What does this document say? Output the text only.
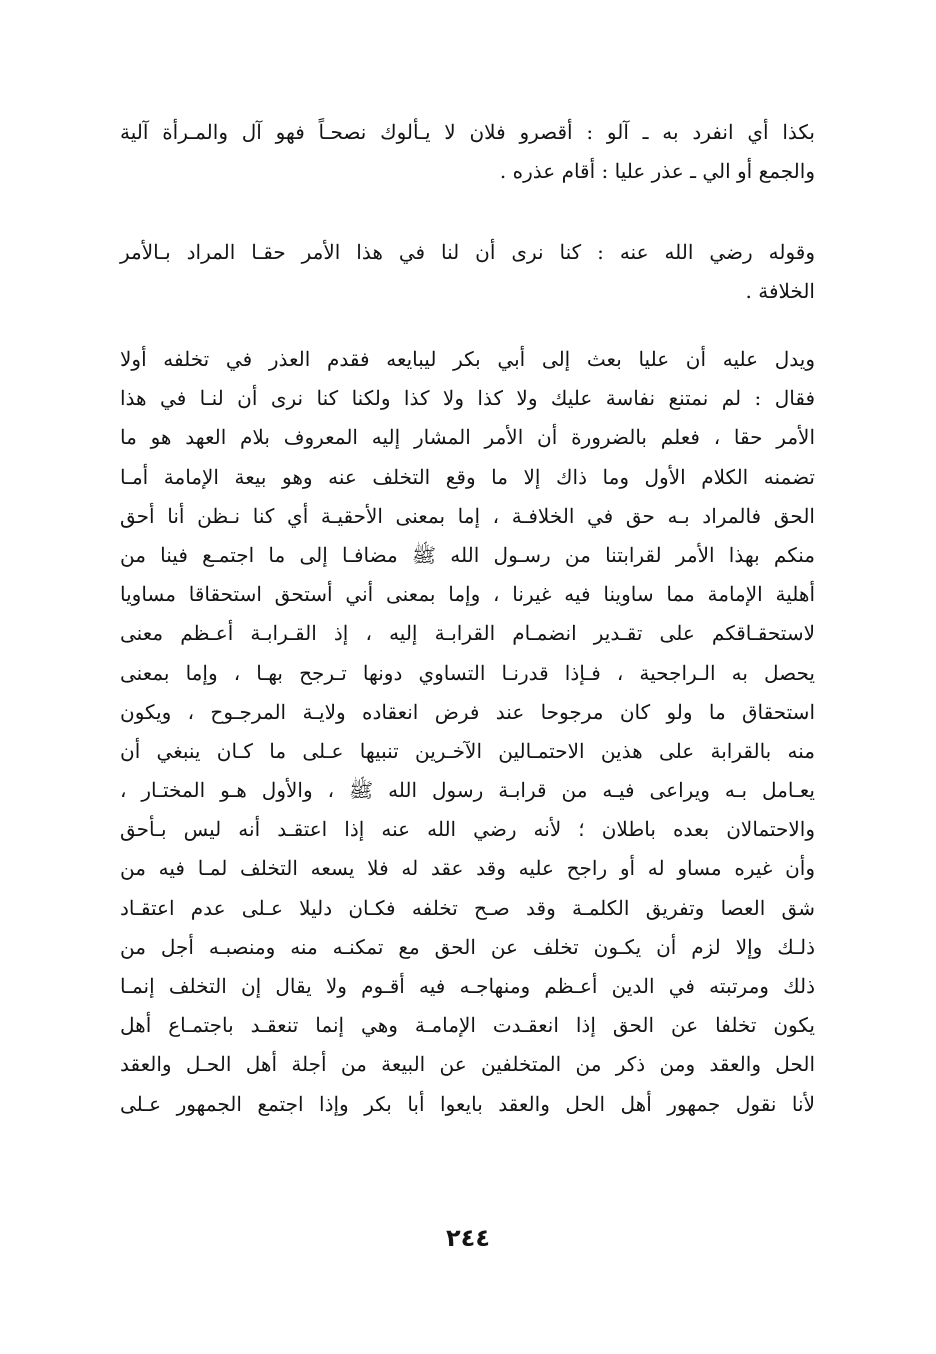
بكذا أي انفرد به ـ آلو : أقصرو فلان لا يـألوك نصحـاً فهو آل والمـرأة آلية
والجمع أو الي ـ عذر عليا : أقام عذره .
وقوله رضي الله عنه : كنا نرى أن لنا في هذا الأمر حقـا المراد بـالأمر
الخلافة .
ويدل عليه أن عليا بعث إلى أبي بكر ليبايعه فقدم العذر في تخلفه أولا
فقال : لم نمتنع نفاسة عليك ولا كذا ولا كذا ولكنا كنا نرى أن لنـا في هذا
الأمر حقا ، فعلم بالضرورة أن الأمر المشار إليه المعروف بلام العهد هو ما
تضمنه الكلام الأول وما ذاك إلا ما وقع التخلف عنه وهو بيعة الإمامة أمـا
الحق فالمراد بـه حق في الخلافـة ، إما بمعنى الأحقيـة أي كنا نـظن أنا أحق
منكم بهذا الأمر لقرابتنا من رسـول الله ﷺ مضافـا إلى ما اجتمـع فينا من
أهلية الإمامة مما ساوينا فيه غيرنا ، وإما بمعنى أني أستحق استحقاقا مساويا
لاستحقـاقكم على تقـدير انضمـام القرابـة إليه ، إذ القـرابـة أعـظم معنى
يحصل به الـراجحية ، فـإذا قدرنـا التساوي دونها تـرجح بهـا ، وإما بمعنى
استحقاق ما ولو كان مرجوحا عند فرض انعقاده ولايـة المرجـوح ، ويكون
منه بالقرابة على هذين الاحتمـالين الآخـرين تنبيها عـلى ما كـان ينبغي أن
يعـامل بـه ويراعى فيـه من قرابـة رسول الله ﷺ ، والأول هـو المختـار ،
والاحتمالان بعده باطلان ؛ لأنه رضي الله عنه إذا اعتقـد أنه ليس بـأحق
وأن غيره مساو له أو راجح عليه وقد عقد له فلا يسعه التخلف لمـا فيه من
شق العصا وتفريق الكلمـة وقد صـح تخلفه فكـان دليلا عـلى عدم اعتقـاد
ذلـك وإلا لزم أن يكـون تخلف عن الحق مع تمكنـه منه ومنصبـه أجل من
ذلك ومرتبته في الدين أعـظم ومنهاجـه فيه أقـوم ولا يقال إن التخلف إنمـا
يكون تخلفا عن الحق إذا انعقـدت الإمامـة وهي إنما تنعقـد باجتمـاع أهل
الحل والعقد ومن ذكر من المتخلفين عن البيعة من أجلة أهل الحـل والعقد
لأنا نقول جمهور أهل الحل والعقد بايعوا أبا بكر وإذا اجتمع الجمهور عـلى
٢٤٤
